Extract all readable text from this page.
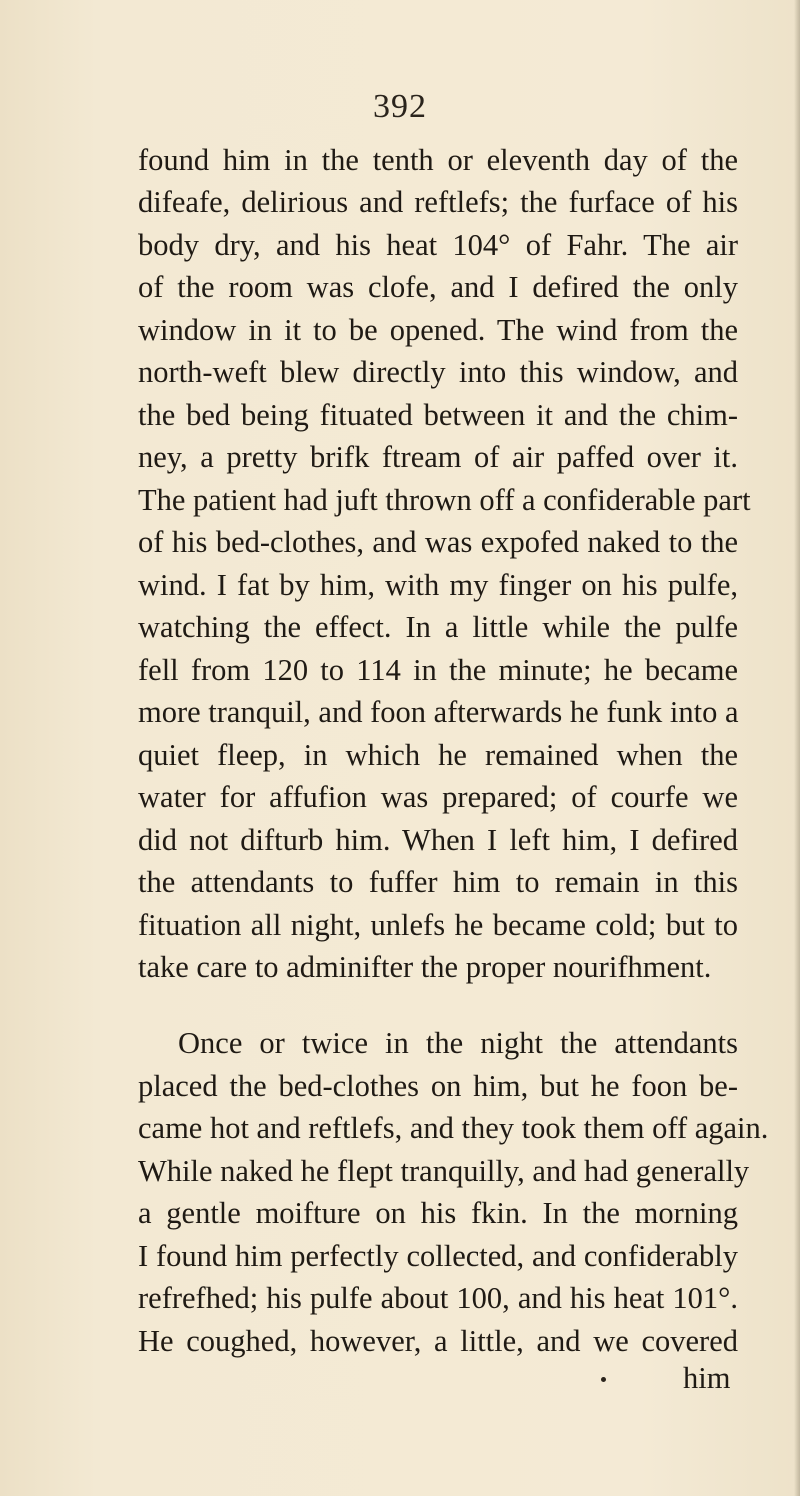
392
found him in the tenth or eleventh day of the
difeafe, delirious and reftlefs; the furface of his
body dry, and his heat 104° of Fahr. The air
of the room was clofe, and I defired the only
window in it to be opened. The wind from the
north-weft blew directly into this window, and
the bed being fituated between it and the chim-
ney, a pretty brifk ftream of air paffed over it.
The patient had juft thrown off a confiderable part
of his bed-clothes, and was expofed naked to the
wind. I fat by him, with my finger on his pulfe,
watching the effect. In a little while the pulfe
fell from 120 to 114 in the minute; he became
more tranquil, and foon afterwards he funk into a
quiet fleep, in which he remained when the
water for affufion was prepared; of courfe we
did not difturb him. When I left him, I defired
the attendants to fuffer him to remain in this
fituation all night, unlefs he became cold; but to
take care to adminifter the proper nourifhment.
Once or twice in the night the attendants
placed the bed-clothes on him, but he foon be-
came hot and reftlefs, and they took them off again.
While naked he flept tranquilly, and had generally
a gentle moifture on his fkin. In the morning
I found him perfectly collected, and confiderably
refrefhed; his pulfe about 100, and his heat 101°.
He coughed, however, a little, and we covered
him
